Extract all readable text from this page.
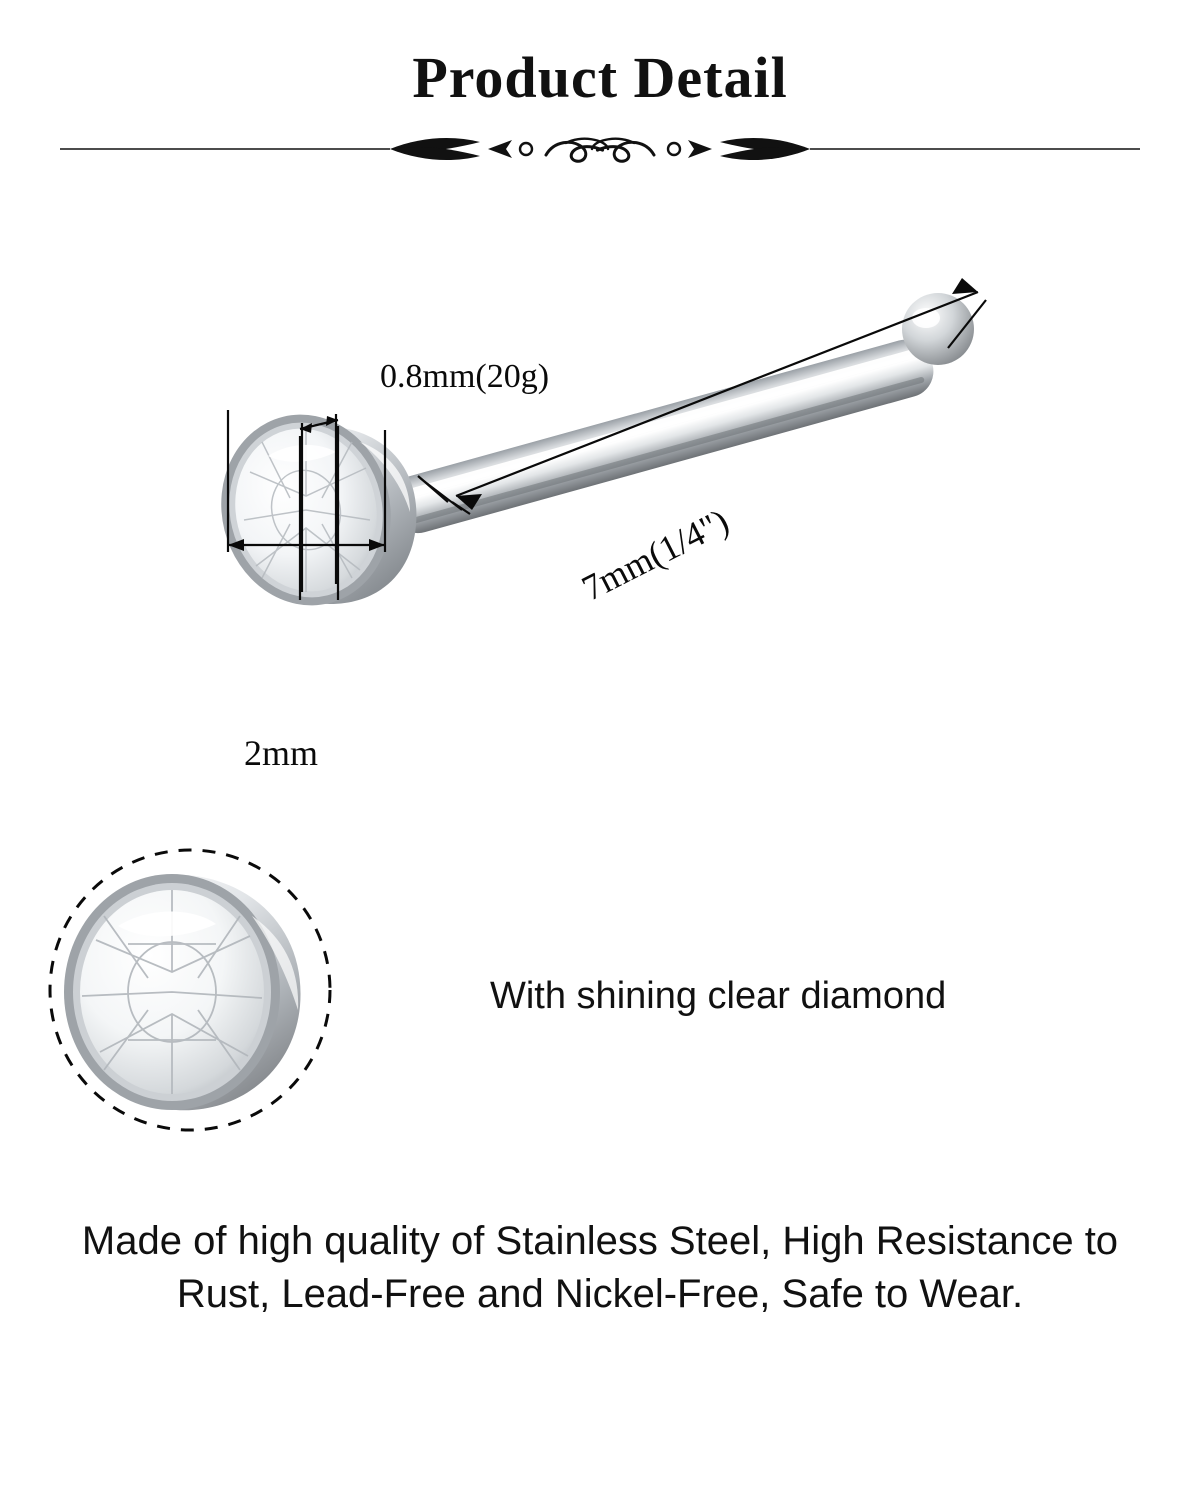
Product Detail
0.8mm(20g)
2mm
7mm(1/4")
With shining clear diamond
Made of high quality of Stainless Steel, High Resistance to Rust, Lead-Free and Nickel-Free, Safe to Wear.
